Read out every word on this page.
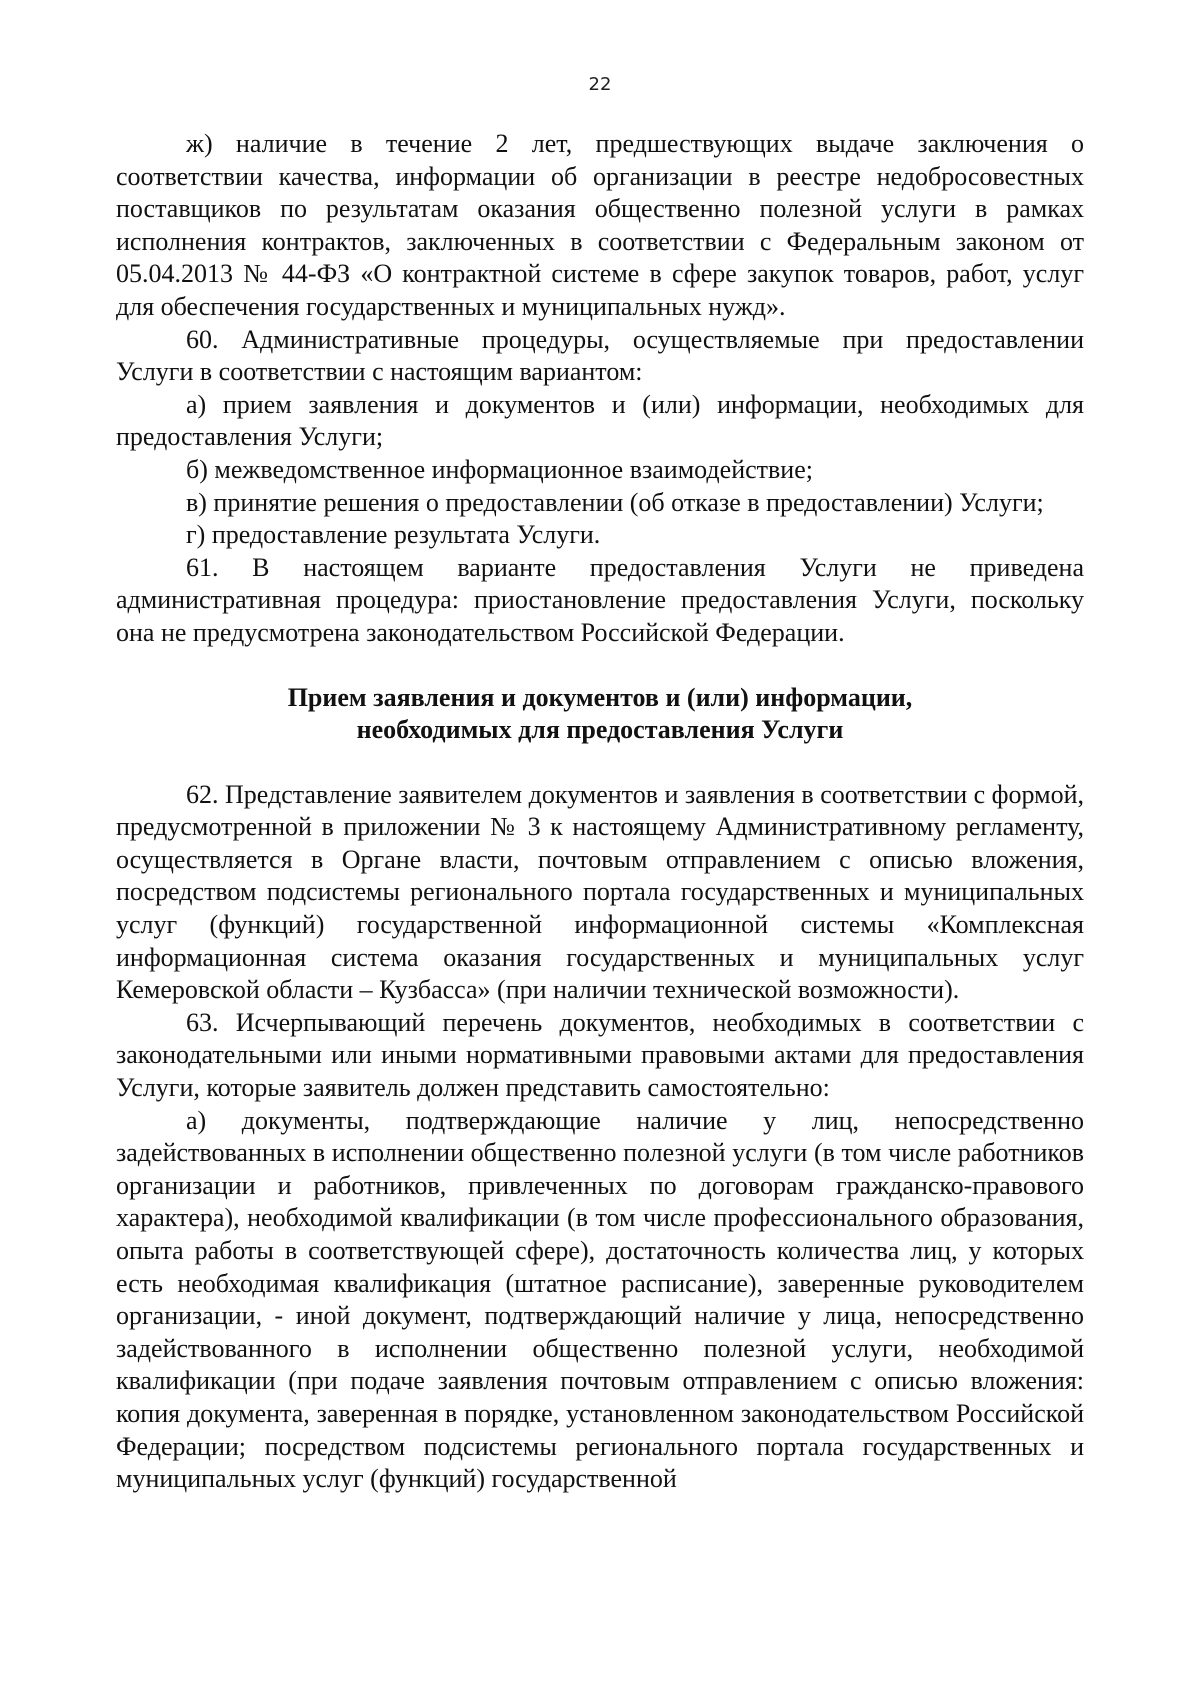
22

ж) наличие в течение 2 лет, предшествующих выдаче заключения о соответствии качества, информации об организации в реестре недобросовестных поставщиков по результатам оказания общественно полезной услуги в рамках исполнения контрактов, заключенных в соответствии с Федеральным законом от 05.04.2013 № 44-ФЗ «О контрактной системе в сфере закупок товаров, работ, услуг для обеспечения государственных и муниципальных нужд».

60. Административные процедуры, осуществляемые при предоставлении Услуги в соответствии с настоящим вариантом:

а) прием заявления и документов и (или) информации, необходимых для предоставления Услуги;

б) межведомственное информационное взаимодействие;

в) принятие решения о предоставлении (об отказе в предоставлении) Услуги;

г) предоставление результата Услуги.

61. В настоящем варианте предоставления Услуги не приведена административная процедура: приостановление предоставления Услуги, поскольку она не предусмотрена законодательством Российской Федерации.

Прием заявления и документов и (или) информации,
необходимых для предоставления Услуги

62. Представление заявителем документов и заявления в соответствии с формой, предусмотренной в приложении № 3 к настоящему Административному регламенту, осуществляется в Органе власти, почтовым отправлением с описью вложения, посредством подсистемы регионального портала государственных и муниципальных услуг (функций) государственной информационной системы «Комплексная информационная система оказания государственных и муниципальных услуг Кемеровской области – Кузбасса» (при наличии технической возможности).

63. Исчерпывающий перечень документов, необходимых в соответствии с законодательными или иными нормативными правовыми актами для предоставления Услуги, которые заявитель должен представить самостоятельно:

а) документы, подтверждающие наличие у лиц, непосредственно задействованных в исполнении общественно полезной услуги (в том числе работников организации и работников, привлеченных по договорам гражданско-правового характера), необходимой квалификации (в том числе профессионального образования, опыта работы в соответствующей сфере), достаточность количества лиц, у которых есть необходимая квалификация (штатное расписание), заверенные руководителем организации, - иной документ, подтверждающий наличие у лица, непосредственно задействованного в исполнении общественно полезной услуги, необходимой квалификации (при подаче заявления почтовым отправлением с описью вложения: копия документа, заверенная в порядке, установленном законодательством Российской Федерации; посредством подсистемы регионального портала государственных и муниципальных услуг (функций) государственной
